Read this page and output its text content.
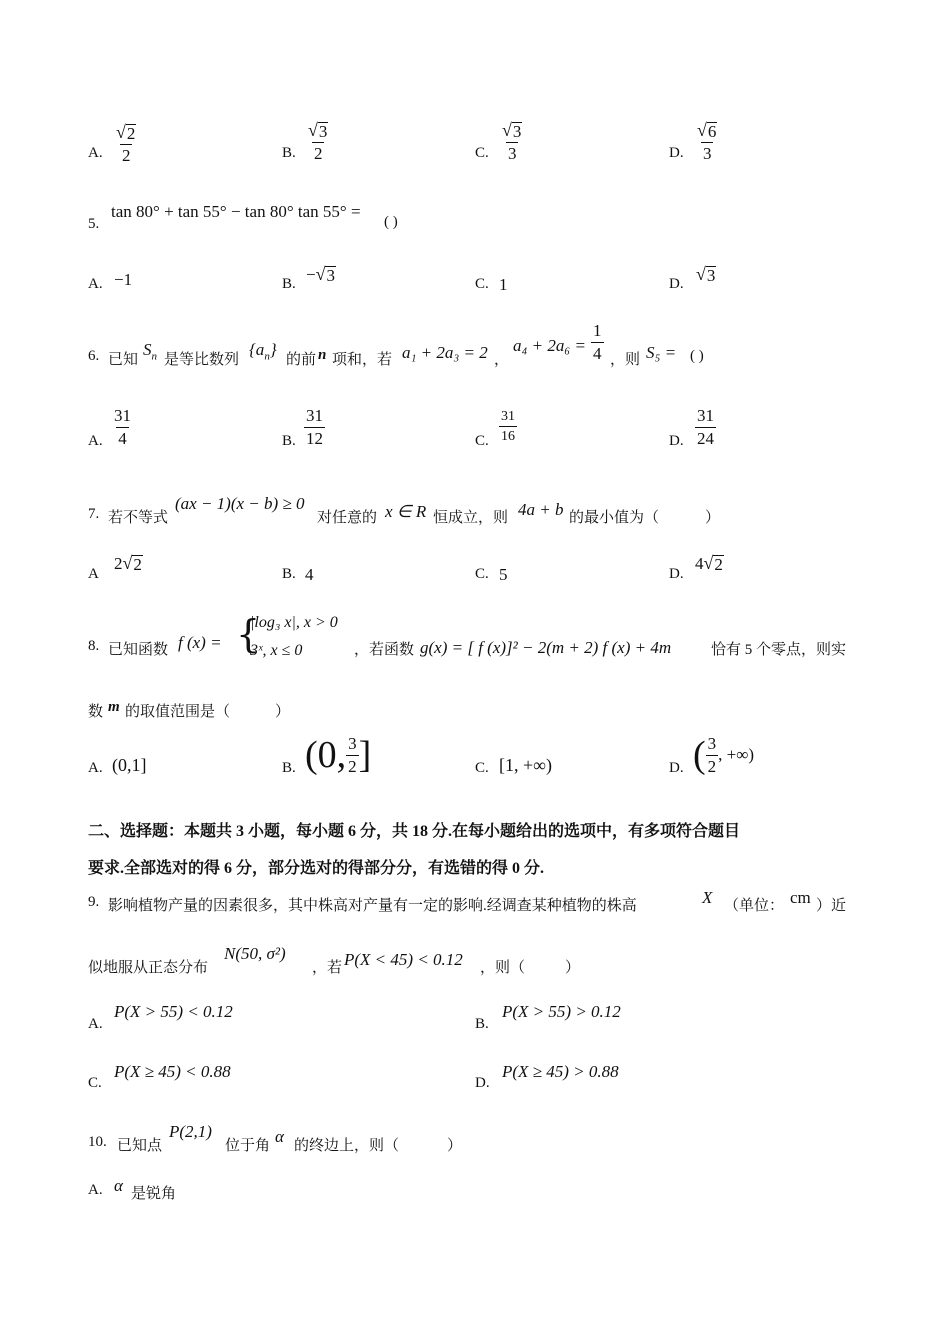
A. $\frac{√ 2}{2}$	B. $\frac{√ 3}{2}$	C. $\frac{√ 3}{3}$	D. $\frac{√ 6}{3}$
5.
tan 80° + tan 55° − tan 80° tan 55° =
( )
A. −1	B. − √ 3	C. 1	D. √ 3
6. 已知
$S_n$ 是等比数列
$\{a_n\}$
的前 n 项和，若 a₁ + 2a₃ = 2 ，
$a_4 + 2a_6 = \frac{1}{4}$ ，则 S₅ = ( )
A. $\frac{31}{4}$	B. $\frac{31}{12}$	C. $\frac{31}{16}$	D. $\frac{31}{24}$
7. 若不等式
(ax − 1)(x − b) ≥ 0
对任意的 x ∈ R 恒成立，则 4a + b 的最小值为（	）
A
2 √ 2	B. 4	C. 5	D.
4 √ 2
8. 已知函数 f (x) = {
|log₃ x|, x > 0
3ˣ, x ≤ 0	，若函数 g(x) = [ f (x)]² − 2(m + 2) f (x) + 4m	恰有 5 个零点，则实
数 m 的取值范围是（	）
A. (0,1]	B. (0, $\frac{3}{2}$ ]	C. [1, +∞)	D. ( $\frac{3}{2}$ , +∞)
二、选择题：本题共 3 小题，每小题 6 分，共 18 分.在每小题给出的选项中，有多项符合题目
要求.全部选对的得 6 分，部分选对的得部分分，有选错的得 0 分.
9. 影响植物产量的因素很多，其中株高对产量有一定的影响.经调查某种植物的株高	X （单位： cm ）近
似地服从正态分布
N(50, σ²)
，若 P(X < 45) < 0.12 ，则（	）
A.
P(X > 55) < 0.12
B.
P(X > 55) > 0.12
C.
P(X ≥ 45) < 0.88
D.
P(X ≥ 45) > 0.88
10. 已知点
P(2,1)
位于角 α 的终边上，则（	）
A. α 是锐角
